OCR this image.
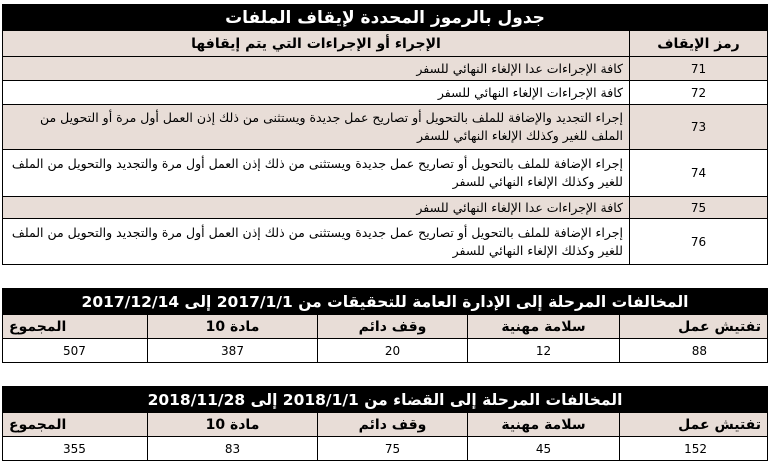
جدول بالرموز المحددة لإيقاف الملفات
رمز الإيقاف	الإجراء أو الإجراءات التي يتم إيقافها
71	كافة الإجراءات عدا الإلغاء النهائي للسفر
72	كافة الإجراءات الإلغاء النهائي للسفر
73	إجراء التجديد والإضافة للملف بالتحويل أو تصاريح عمل جديدة ويستثنى من ذلك إذن العمل أول مرة أو التحويل من الملف للغير وكذلك الإلغاء النهائي للسفر
74	إجراء الإضافة للملف بالتحويل أو تصاريح عمل جديدة ويستثنى من ذلك إذن العمل أول مرة والتجديد والتحويل من الملف للغير وكذلك الإلغاء النهائي للسفر
75	كافة الإجراءات عدا الإلغاء النهائي للسفر
76	إجراء الإضافة للملف بالتحويل أو تصاريح عمل جديدة ويستثنى من ذلك إذن العمل أول مرة والتجديد والتحويل من الملف للغير وكذلك الإلغاء النهائي للسفر
المخالفات المرحلة إلى الإدارة العامة للتحقيقات من 2017/1/1 إلى 2017/12/14
تفتيش عمل	سلامة مهنية	وقف دائم	مادة 10	المجموع
88	12	20	387	507
المخالفات المرحلة إلى القضاء من 2018/1/1 إلى 2018/11/28
تفتيش عمل	سلامة مهنية	وقف دائم	مادة 10	المجموع
152	45	75	83	355
